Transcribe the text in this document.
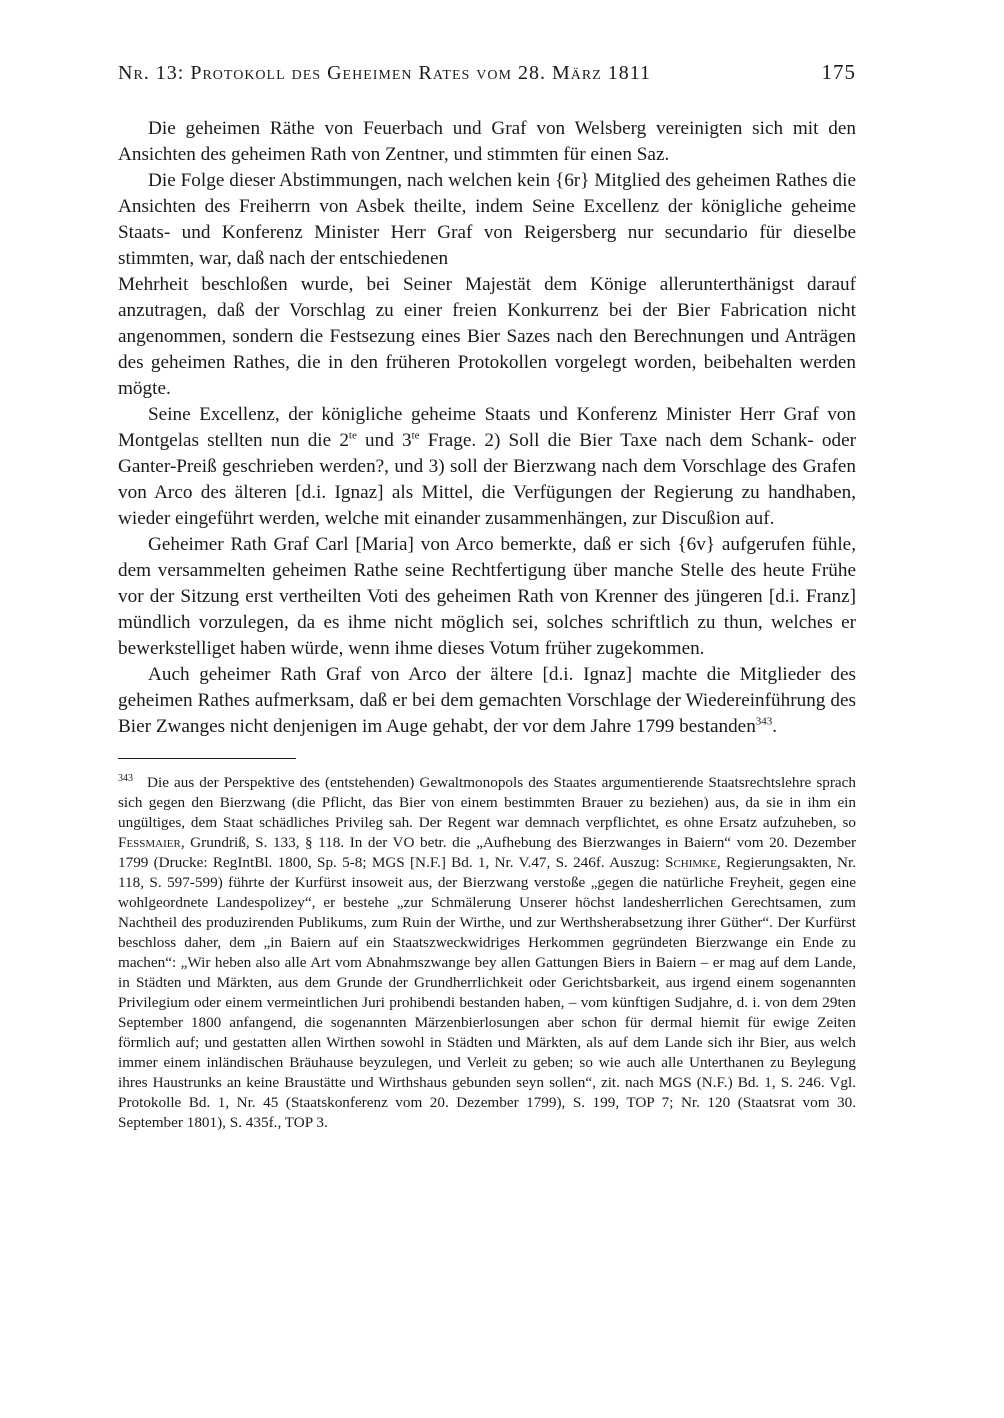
Nr. 13: Protokoll des Geheimen Rates vom 28. März 1811	175

Die geheimen Räthe von Feuerbach und Graf von Welsberg vereinigten sich mit den Ansichten des geheimen Rath von Zentner, und stimmten für einen Saz.

Die Folge dieser Abstimmungen, nach welchen kein {6r} Mitglied des geheimen Rathes die Ansichten des Freiherrn von Asbek theilte, indem Seine Excellenz der königliche geheime Staats- und Konferenz Minister Herr Graf von Reigersberg nur secundario für dieselbe stimmten, war, daß nach der entschiedenen

Mehrheit beschloßen wurde, bei Seiner Majestät dem Könige allerunterthänigst darauf anzutragen, daß der Vorschlag zu einer freien Konkurrenz bei der Bier Fabrication nicht angenommen, sondern die Festsezung eines Bier Sazes nach den Berechnungen und Anträgen des geheimen Rathes, die in den früheren Protokollen vorgelegt worden, beibehalten werden mögte.

Seine Excellenz, der königliche geheime Staats und Konferenz Minister Herr Graf von Montgelas stellten nun die $2^{te}$ und $3^{te}$ Frage. 2) Soll die Bier Taxe nach dem Schank- oder Ganter-Preiß geschrieben werden?, und 3) soll der Bierzwang nach dem Vorschlage des Grafen von Arco des älteren [d.i. Ignaz] als Mittel, die Verfügungen der Regierung zu handhaben, wieder eingeführt werden, welche mit einander zusammenhängen, zur Discußion auf.

Geheimer Rath Graf Carl [Maria] von Arco bemerkte, daß er sich {6v} aufgerufen fühle, dem versammelten geheimen Rathe seine Rechtfertigung über manche Stelle des heute Frühe vor der Sitzung erst vertheilten Voti des geheimen Rath von Krenner des jüngeren [d.i. Franz] mündlich vorzulegen, da es ihme nicht möglich sei, solches schriftlich zu thun, welches er bewerkstelliget haben würde, wenn ihme dieses Votum früher zugekommen.

Auch geheimer Rath Graf von Arco der ältere [d.i. Ignaz] machte die Mitglieder des geheimen Rathes aufmerksam, daß er bei dem gemachten Vorschlage der Wiedereinführung des Bier Zwanges nicht denjenigen im Auge gehabt, der vor dem Jahre 1799 bestanden$^{343}$.

$^{343}$ Die aus der Perspektive des (entstehenden) Gewaltmonopols des Staates argumentierende Staatsrechtslehre sprach sich gegen den Bierzwang (die Pflicht, das Bier von einem bestimmten Brauer zu beziehen) aus, da sie in ihm ein ungültiges, dem Staat schädliches Privileg sah. Der Regent war demnach verpflichtet, es ohne Ersatz aufzuheben, so Fessmaier, Grundriß, S. 133, § 118. In der VO betr. die „Aufhebung des Bierzwanges in Baiern“ vom 20. Dezember 1799 (Drucke: RegIntBl. 1800, Sp. 5-8; MGS [N.F.] Bd. 1, Nr. V.47, S. 246f. Auszug: Schimke, Regierungsakten, Nr. 118, S. 597-599) führte der Kurfürst insoweit aus, der Bierzwang verstoße „gegen die natürliche Freyheit, gegen eine wohlgeordnete Landespolizey“, er bestehe „zur Schmälerung Unserer höchst landesherrlichen Gerechtsamen, zum Nachtheil des produzirenden Publikums, zum Ruin der Wirthe, und zur Werthsherabsetzung ihrer Güther“. Der Kurfürst beschloss daher, dem „in Baiern auf ein Staatszweckwidriges Herkommen gegründeten Bierzwange ein Ende zu machen“: „Wir heben also alle Art vom Abnahmszwange bey allen Gattungen Biers in Baiern – er mag auf dem Lande, in Städten und Märkten, aus dem Grunde der Grundherrlichkeit oder Gerichtsbarkeit, aus irgend einem sogenannten Privilegium oder einem vermeintlichen Juri prohibendi bestanden haben, – vom künftigen Sudjahre, d. i. von dem 29ten September 1800 anfangend, die sogenannten Märzenbierlosungen aber schon für dermal hiemit für ewige Zeiten förmlich auf; und gestatten allen Wirthen sowohl in Städten und Märkten, als auf dem Lande sich ihr Bier, aus welch immer einem inländischen Bräuhause beyzulegen, und Verleit zu geben; so wie auch alle Unterthanen zu Beylegung ihres Haustrunks an keine Braustätte und Wirthshaus gebunden seyn sollen“, zit. nach MGS (N.F.) Bd. 1, S. 246. Vgl. Protokolle Bd. 1, Nr. 45 (Staatskonferenz vom 20. Dezember 1799), S. 199, TOP 7; Nr. 120 (Staatsrat vom 30. September 1801), S. 435f., TOP 3.
